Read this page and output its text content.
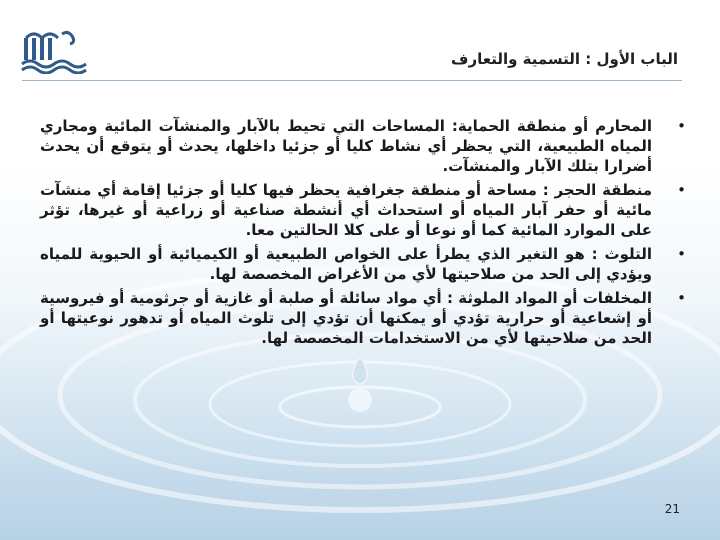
الباب الأول : التسمية والتعارف
•

المحارم أو منطقة الحماية: المساحات التي تحيط بالآبار والمنشآت المائية ومجاري المياه الطبيعية، التي يحظر أي نشاط كليا أو جزئيا داخلها، يحدث أو يتوقع أن يحدث أضرارا بتلك الآبار والمنشآت.

•

منطقة الحجر : مساحة أو منطقة جغرافية يحظر فيها كليا أو جزئيا إقامة أي منشآت مائية أو حفر آبار المياه أو استحداث أي أنشطة صناعية أو زراعية أو غيرها، تؤثر على الموارد المائية كما أو نوعا أو على كلا الحالتين معا.

•

التلوث : هو التغير الذي يطرأ على الخواص الطبيعية أو الكيميائية أو الحيوية للمياه ويؤدي إلى الحد من صلاحيتها لأي من الأغراض المخصصة لها.

•

المخلفات أو المواد الملوثة : أي مواد سائلة أو صلبة أو غازية أو جرثومية أو فيروسية أو إشعاعية أو حرارية تؤدي أو يمكنها أن تؤدي إلى تلوث المياه أو تدهور نوعيتها أو الحد من صلاحيتها لأي من الاستخدامات المخصصة لها.

21
